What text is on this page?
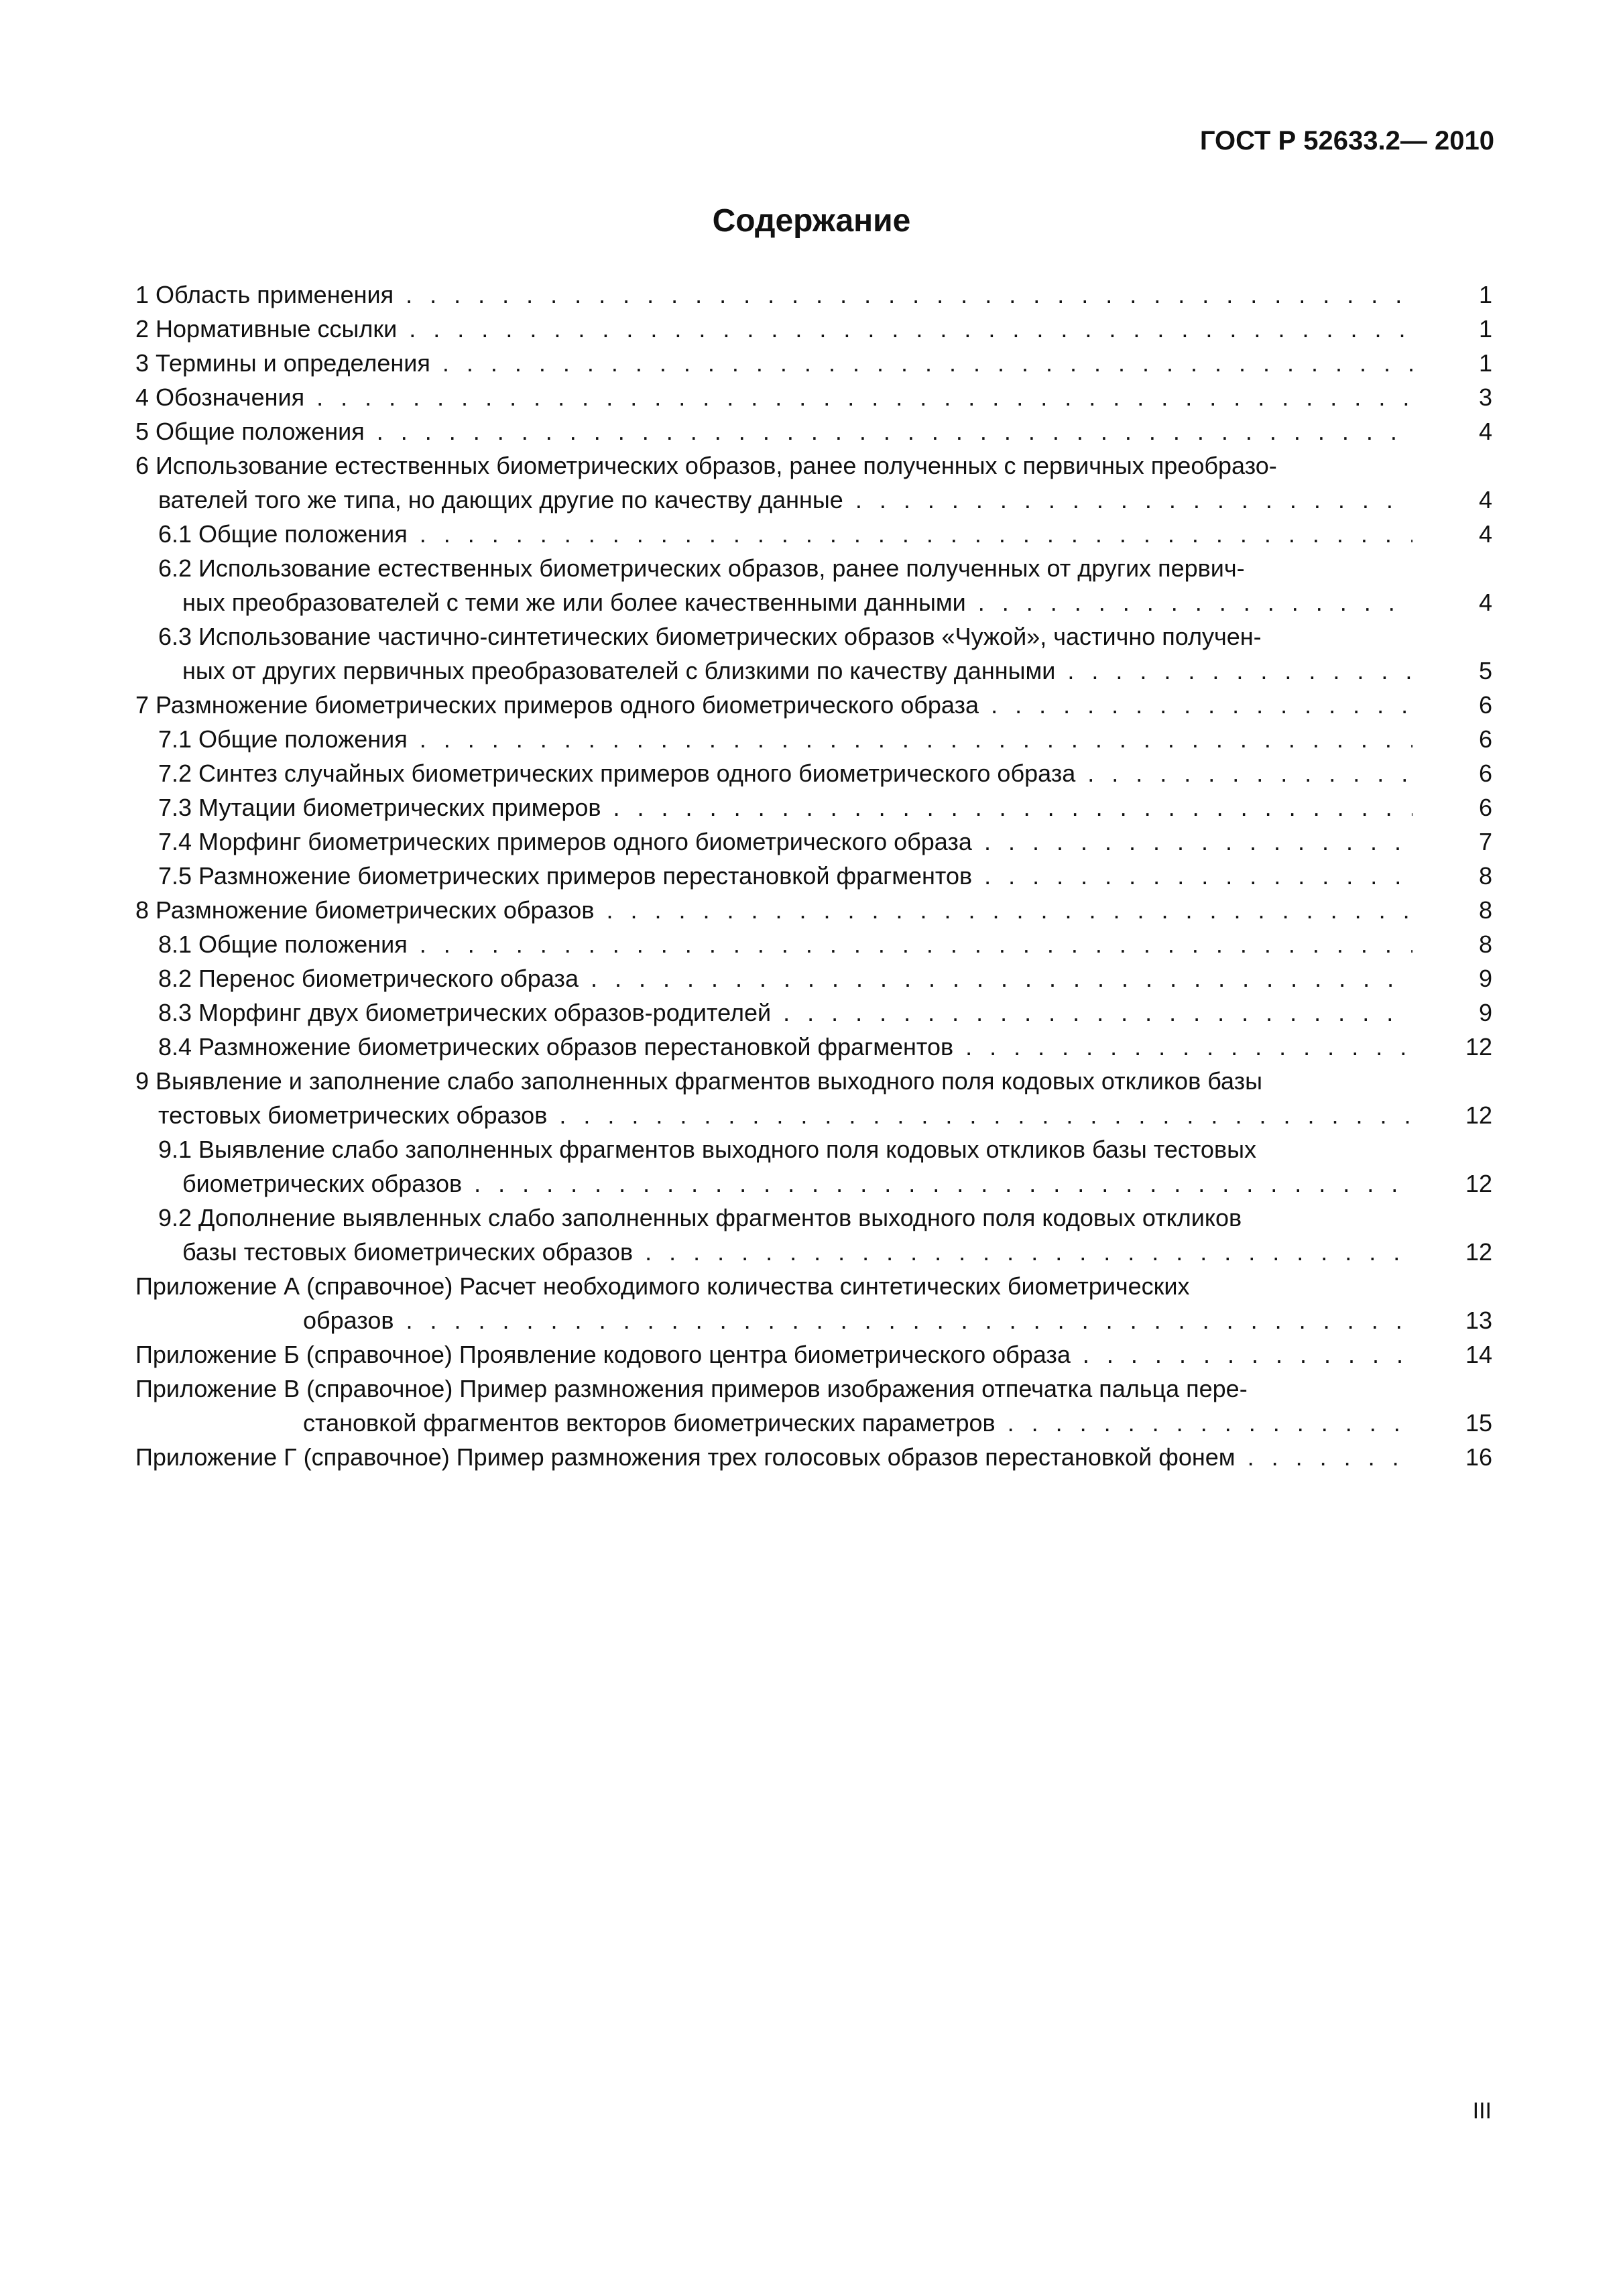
ГОСТ Р 52633.2— 2010
Содержание
1 Область применения . . .	1
2 Нормативные ссылки . . .	1
3 Термины и определения . . .	1
4 Обозначения . . .	3
5 Общие положения . . .	4
6 Использование естественных биометрических образов, ранее полученных с первичных преобразо-
вателей того же типа, но дающих другие по качеству данные . . .	4
6.1 Общие положения . . .	4
6.2 Использование естественных биометрических образов, ранее полученных от других первич-
ных преобразователей с теми же или более качественными данными . . .	4
6.3 Использование частично-синтетических биометрических образов «Чужой», частично получен-
ных от других первичных преобразователей с близкими по качеству данными . . .	5
7 Размножение биометрических примеров одного биометрического образа . . .	6
7.1 Общие положения . . .	6
7.2 Синтез случайных биометрических примеров одного биометрического образа . . .	6
7.3 Мутации биометрических примеров . . .	6
7.4 Морфинг биометрических примеров одного биометрического образа . . .	7
7.5 Размножение биометрических примеров перестановкой фрагментов . . .	8
8 Размножение биометрических образов . . .	8
8.1 Общие положения . . .	8
8.2 Перенос биометрического образа . . .	9
8.3 Морфинг двух биометрических образов-родителей . . .	9
8.4 Размножение биометрических образов перестановкой фрагментов . . .	12
9 Выявление и заполнение слабо заполненных фрагментов выходного поля кодовых откликов базы
тестовых биометрических образов . . .	12
9.1 Выявление слабо заполненных фрагментов выходного поля кодовых откликов базы тестовых
биометрических образов . . .	12
9.2 Дополнение выявленных слабо заполненных фрагментов выходного поля кодовых откликов
базы тестовых биометрических образов . . .	12
Приложение А (справочное) Расчет необходимого количества синтетических биометрических
образов . . .	13
Приложение Б (справочное) Проявление кодового центра биометрического образа . . .	14
Приложение В (справочное) Пример размножения примеров изображения отпечатка пальца пере-
становкой фрагментов векторов биометрических параметров . . .	15
Приложение Г (справочное) Пример размножения трех голосовых образов перестановкой фонем . . .	16
III
